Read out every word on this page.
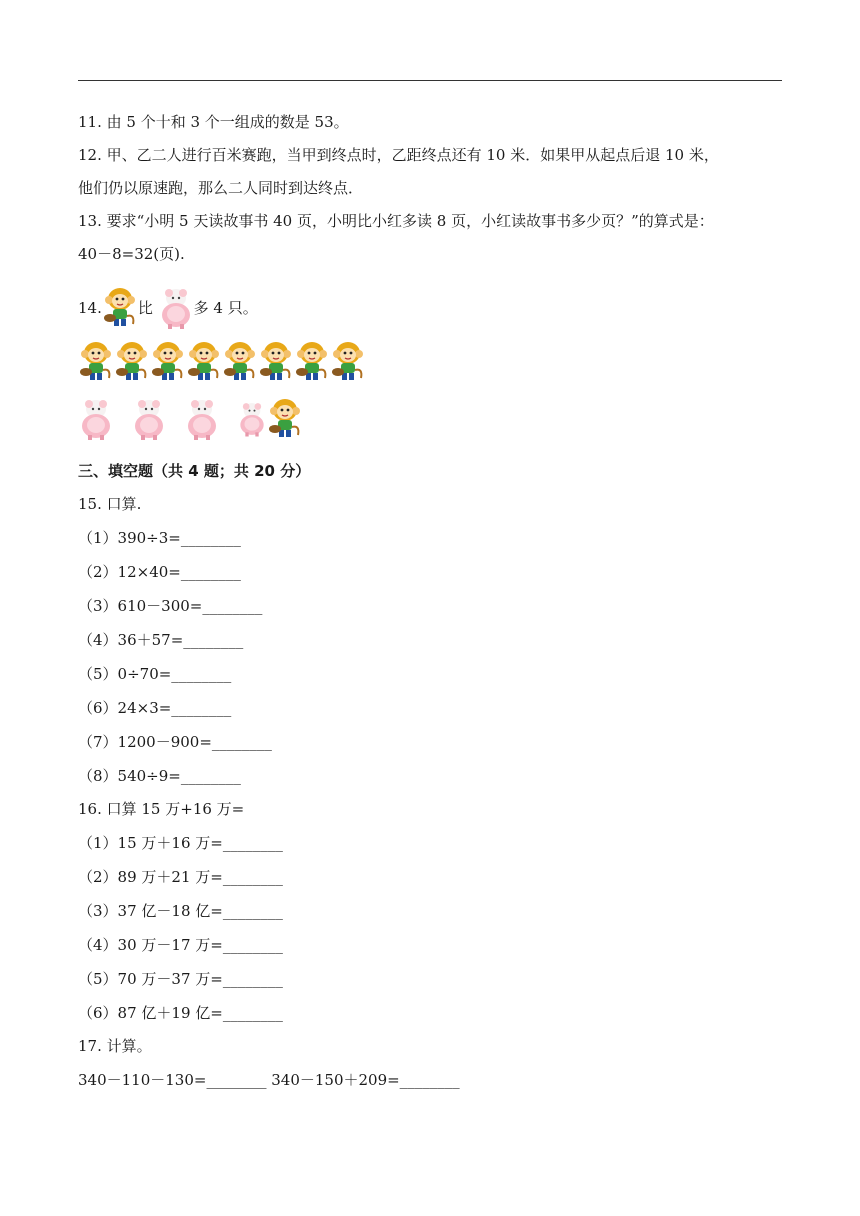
11. 由 5 个十和 3 个一组成的数是 53。
12. 甲、乙二人进行百米赛跑，当甲到终点时，乙距终点还有 10 米．如果甲从起点后退 10 米，
他们仍以原速跑，那么二人同时到达终点．
13. 要求“小明 5 天读故事书 40 页，小明比小红多读 8 页，小红读故事书多少页？”的算式是：
40－8=32(页).
14. 比	多 4 只。
三、填空题（共 4 题；共 20 分）
15. 口算.
（1）390÷3=________
（2）12×40=________
（3）610－300=________
（4）36＋57=________
（5）0÷70=________
（6）24×3=________
（7）1200－900=________
（8）540÷9=________
16. 口算 15 万+16 万=
（1）15 万＋16 万=________
（2）89 万＋21 万=________
（3）37 亿－18 亿=________
（4）30 万－17 万=________
（5）70 万－37 万=________
（6）87 亿＋19 亿=________
17. 计算。
340－110－130=________ 340－150＋209=________
